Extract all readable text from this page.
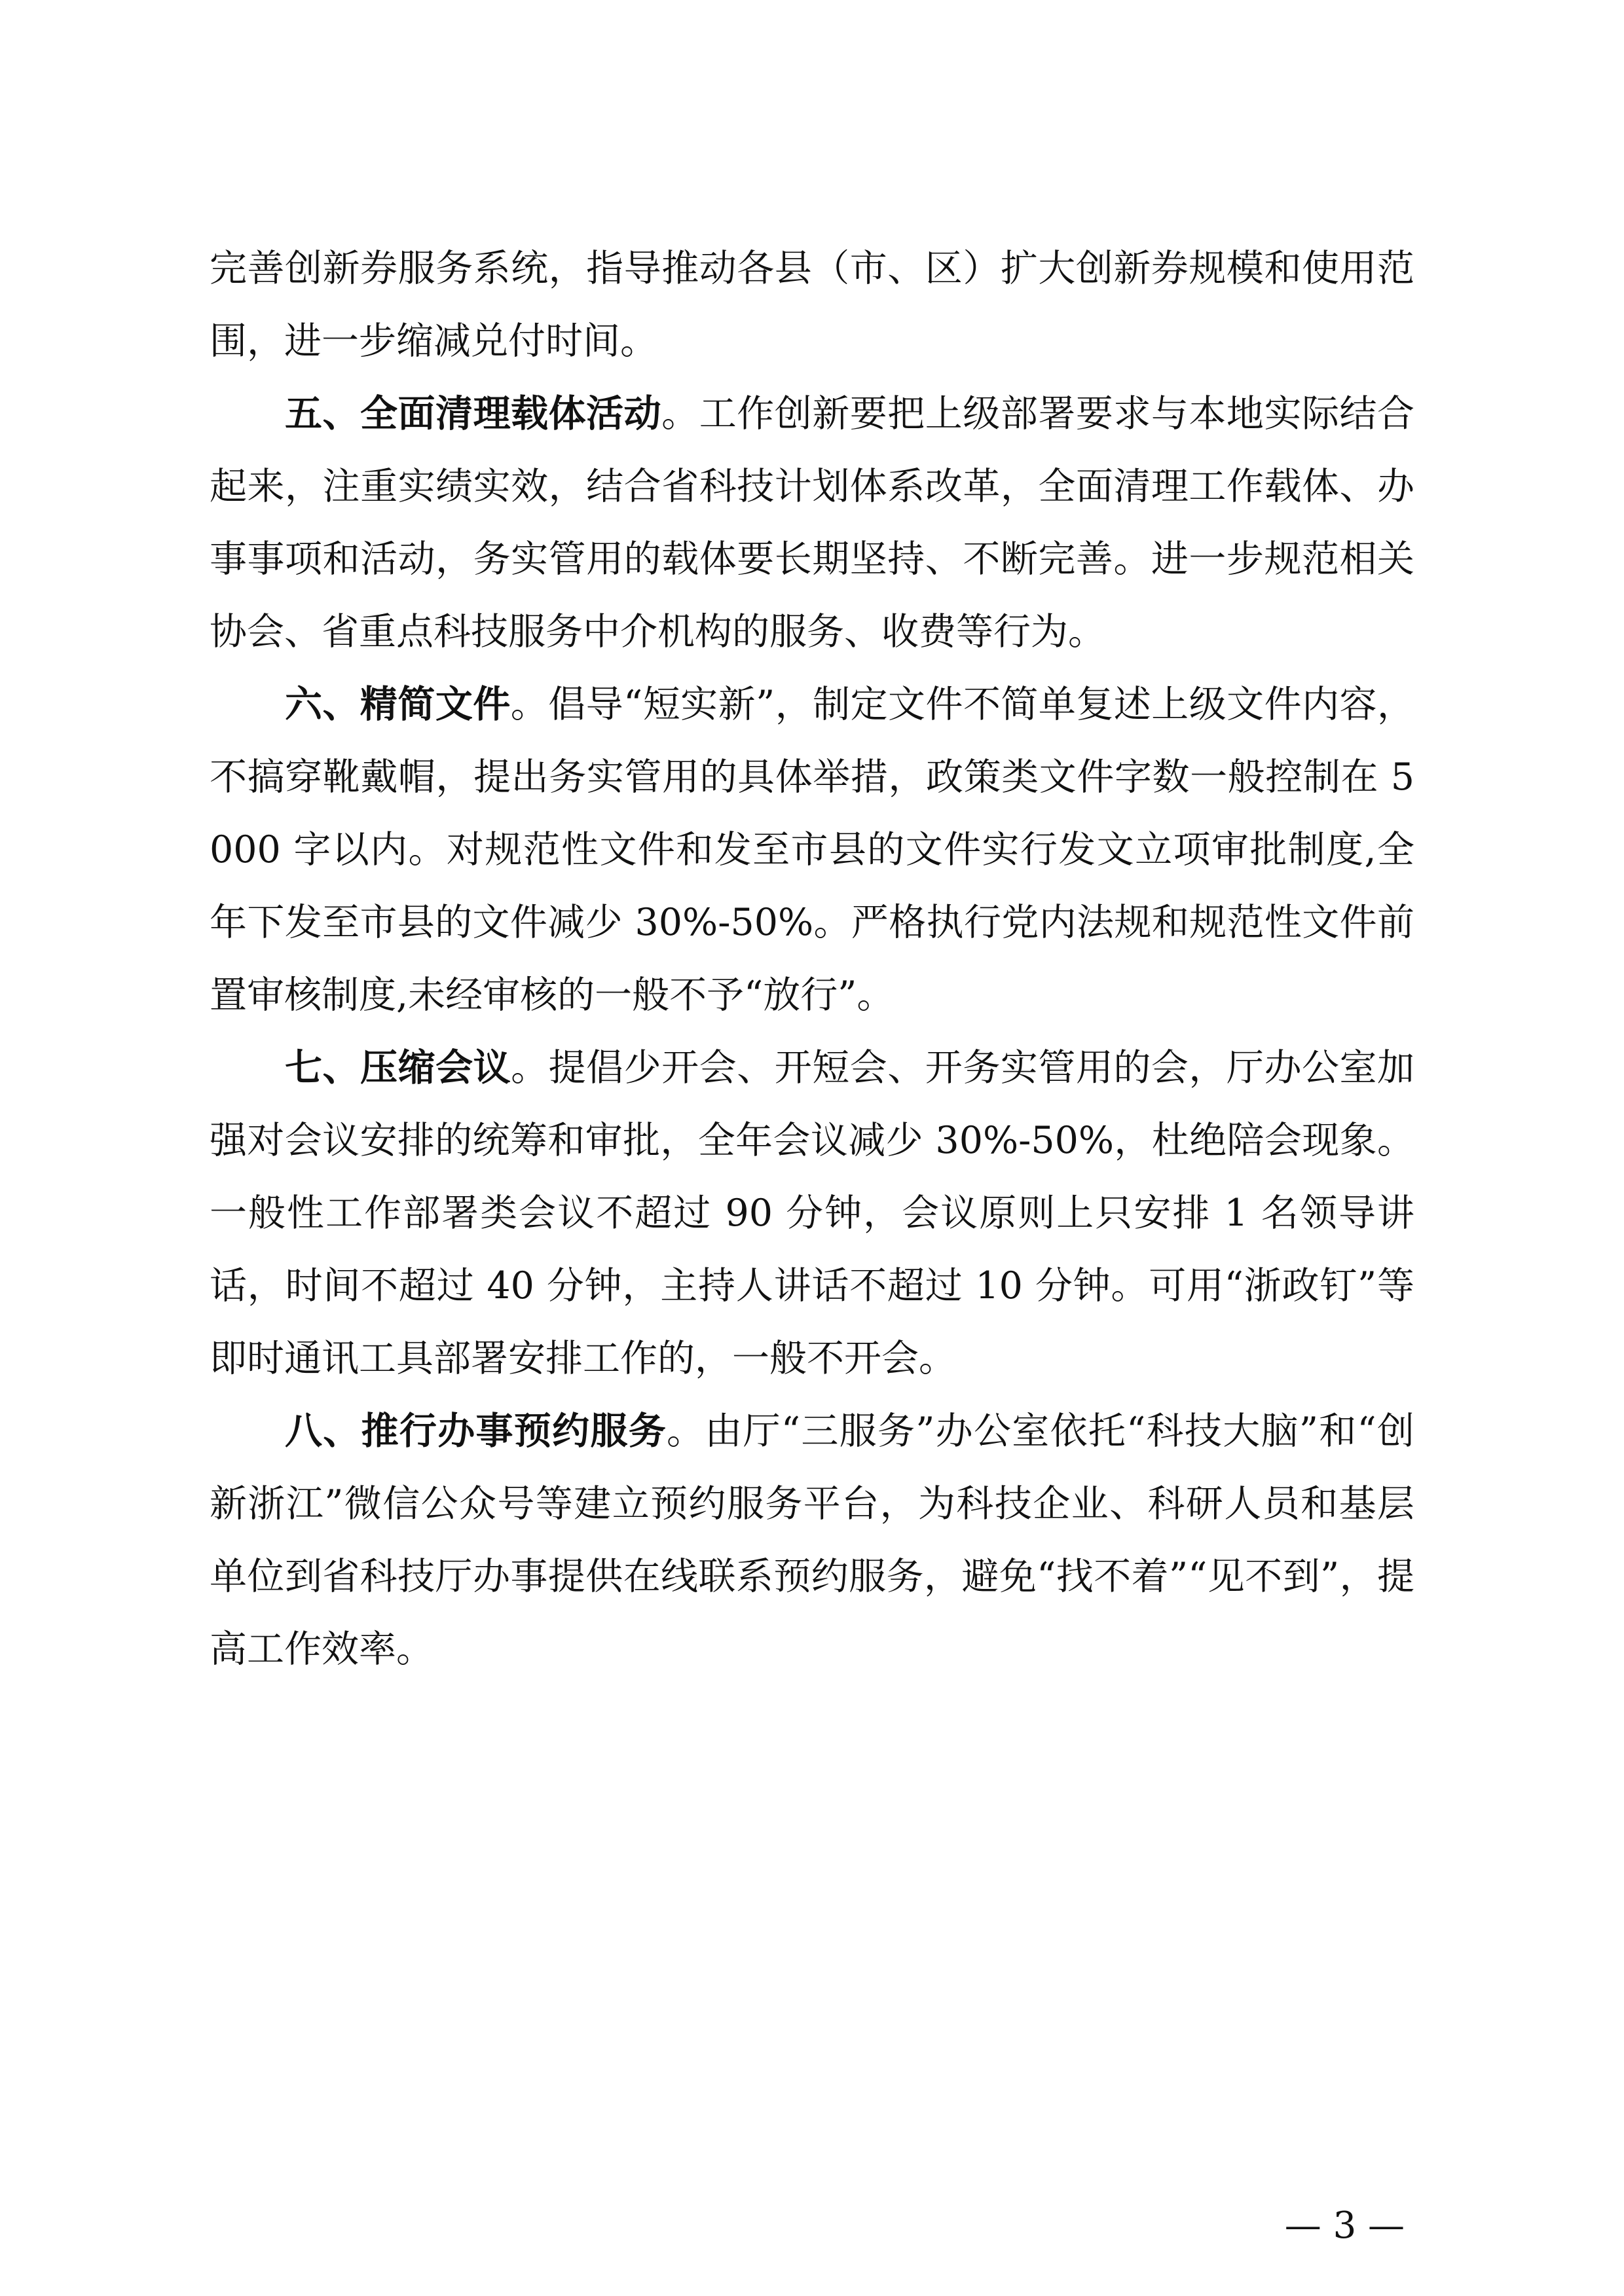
完善创新券服务系统，指导推动各县（市、区）扩大创新券规模和使用范围，进一步缩减兑付时间。

五、全面清理载体活动。工作创新要把上级部署要求与本地实际结合起来，注重实绩实效，结合省科技计划体系改革，全面清理工作载体、办事事项和活动，务实管用的载体要长期坚持、不断完善。进一步规范相关协会、省重点科技服务中介机构的服务、收费等行为。

六、精简文件。倡导“短实新”，制定文件不简单复述上级文件内容，不搞穿靴戴帽，提出务实管用的具体举措，政策类文件字数一般控制在 5000 字以内。对规范性文件和发至市县的文件实行发文立项审批制度,全年下发至市县的文件减少 30%-50%。严格执行党内法规和规范性文件前置审核制度,未经审核的一般不予“放行”。

七、压缩会议。提倡少开会、开短会、开务实管用的会，厅办公室加强对会议安排的统筹和审批，全年会议减少 30%-50%，杜绝陪会现象。一般性工作部署类会议不超过 90 分钟，会议原则上只安排 1 名领导讲话，时间不超过 40 分钟，主持人讲话不超过 10 分钟。可用“浙政钉”等即时通讯工具部署安排工作的，一般不开会。

八、推行办事预约服务。由厅“三服务”办公室依托“科技大脑”和“创新浙江”微信公众号等建立预约服务平台，为科技企业、科研人员和基层单位到省科技厅办事提供在线联系预约服务，避免“找不着”“见不到”，提高工作效率。

— 3 —
